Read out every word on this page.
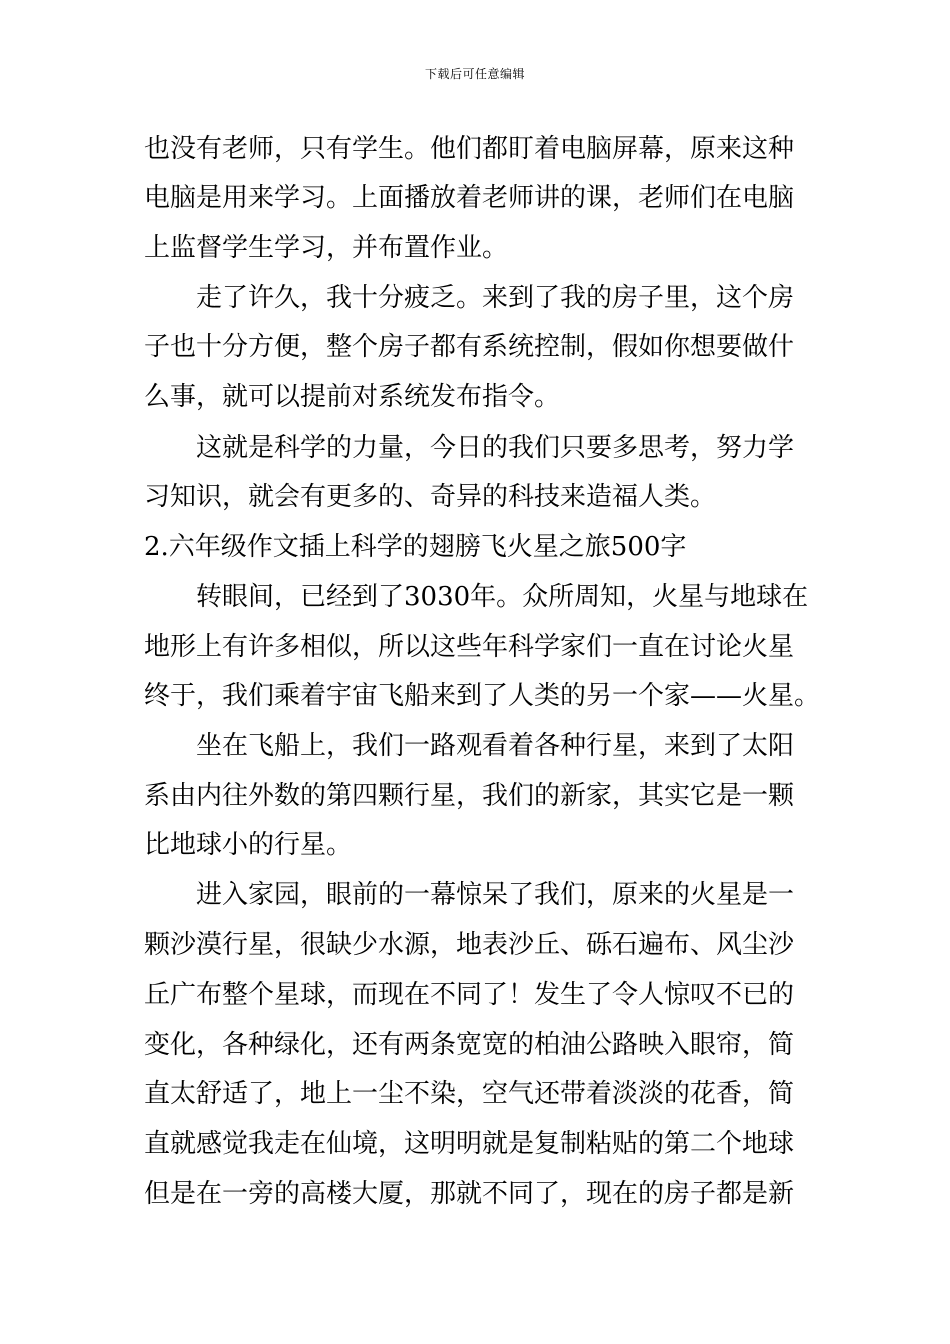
下载后可任意编辑
也没有老师，只有学生。他们都盯着电脑屏幕，原来这种
电脑是用来学习。上面播放着老师讲的课，老师们在电脑
上监督学生学习，并布置作业。
走了许久，我十分疲乏。来到了我的房子里，这个房
子也十分方便，整个房子都有系统控制，假如你想要做什
么事，就可以提前对系统发布指令。
这就是科学的力量，今日的我们只要多思考，努力学
习知识，就会有更多的、奇异的科技来造福人类。
2.六年级作文插上科学的翅膀飞火星之旅500字
转眼间，已经到了3030年。众所周知，火星与地球在
地形上有许多相似，所以这些年科学家们一直在讨论火星
终于，我们乘着宇宙飞船来到了人类的另一个家——火星。
坐在飞船上，我们一路观看着各种行星，来到了太阳
系由内往外数的第四颗行星，我们的新家，其实它是一颗
比地球小的行星。
进入家园，眼前的一幕惊呆了我们，原来的火星是一
颗沙漠行星，很缺少水源，地表沙丘、砾石遍布、风尘沙
丘广布整个星球，而现在不同了！发生了令人惊叹不已的
变化，各种绿化，还有两条宽宽的柏油公路映入眼帘，简
直太舒适了，地上一尘不染，空气还带着淡淡的花香，简
直就感觉我走在仙境，这明明就是复制粘贴的第二个地球
但是在一旁的高楼大厦，那就不同了，现在的房子都是新
